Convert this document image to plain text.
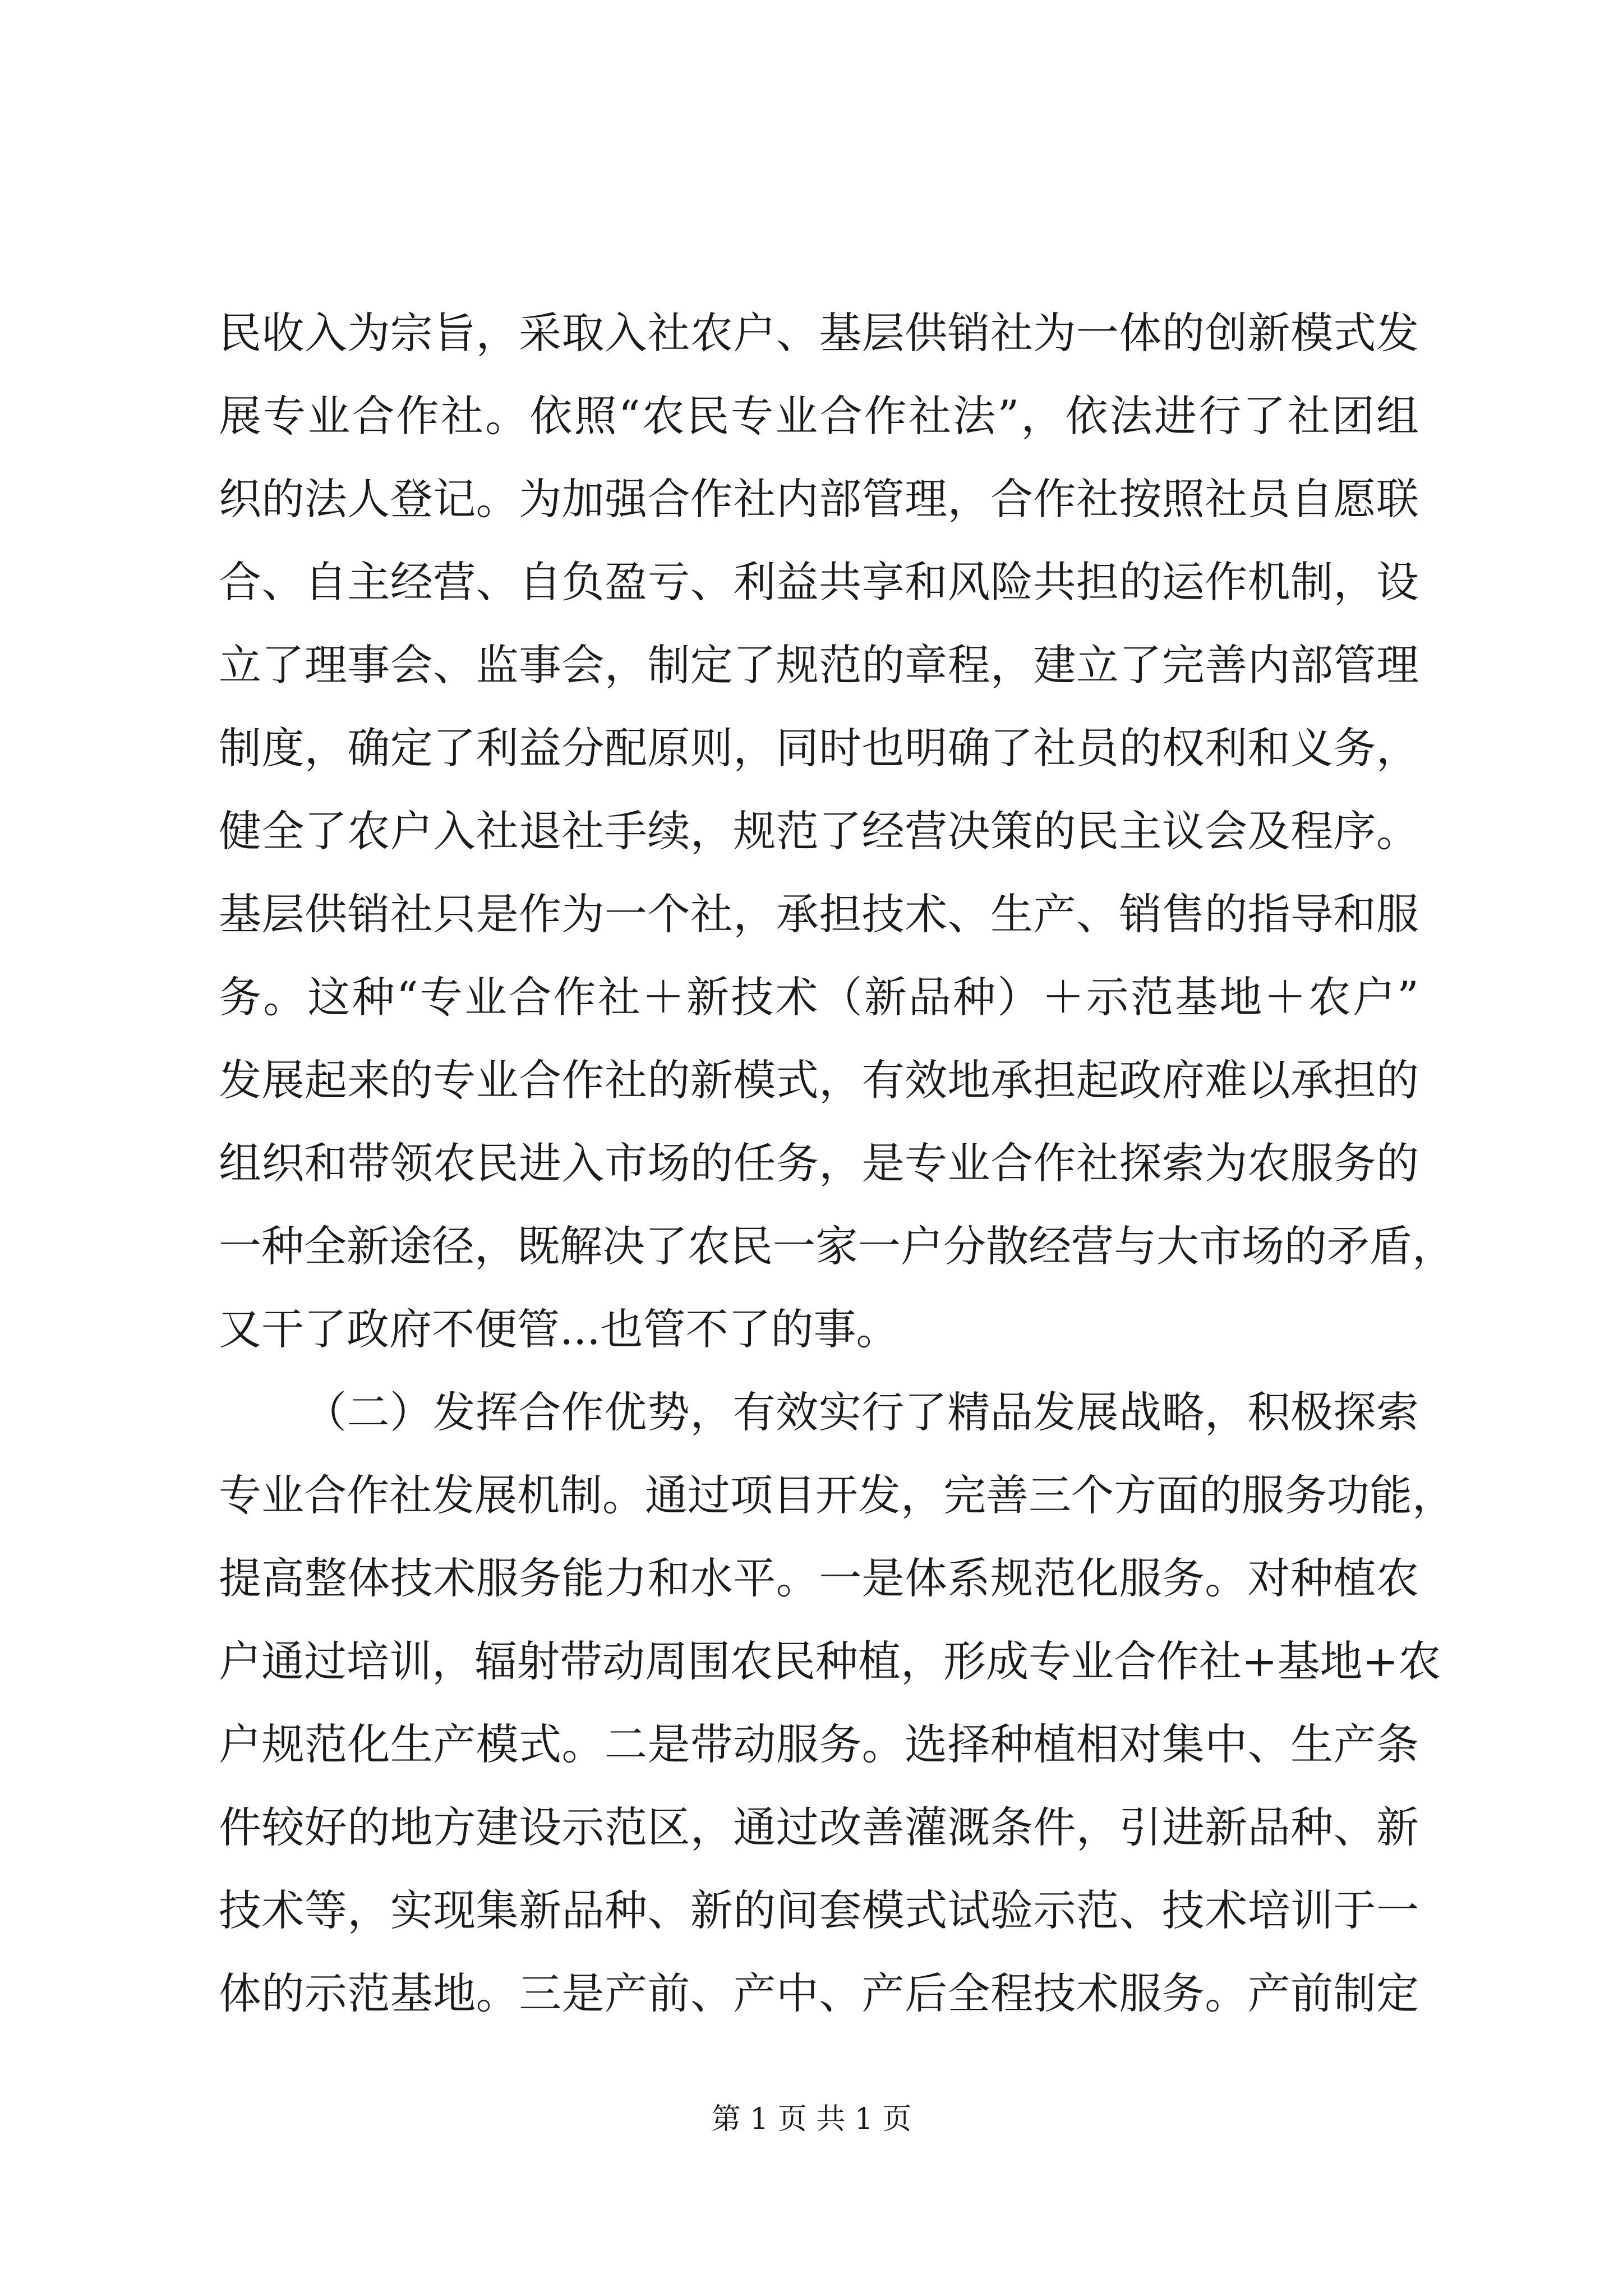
民收入为宗旨，采取入社农户、基层供销社为一体的创新模式发
展专业合作社。依照“农民专业合作社法”，依法进行了社团组
织的法人登记。为加强合作社内部管理，合作社按照社员自愿联
合、自主经营、自负盈亏、利益共享和风险共担的运作机制，设
立了理事会、监事会，制定了规范的章程，建立了完善内部管理
制度，确定了利益分配原则，同时也明确了社员的权利和义务，
健全了农户入社退社手续，规范了经营决策的民主议会及程序。
基层供销社只是作为一个社，承担技术、生产、销售的指导和服
务。这种“专业合作社＋新技术（新品种）＋示范基地＋农户”
发展起来的专业合作社的新模式，有效地承担起政府难以承担的
组织和带领农民进入市场的任务，是专业合作社探索为农服务的
一种全新途径，既解决了农民一家一户分散经营与大市场的矛盾，
又干了政府不便管...也管不了的事。
（二）发挥合作优势，有效实行了精品发展战略，积极探索
专业合作社发展机制。通过项目开发，完善三个方面的服务功能，
提高整体技术服务能力和水平。一是体系规范化服务。对种植农
户通过培训，辐射带动周围农民种植，形成专业合作社+基地+农
户规范化生产模式。二是带动服务。选择种植相对集中、生产条
件较好的地方建设示范区，通过改善灌溉条件，引进新品种、新
技术等，实现集新品种、新的间套模式试验示范、技术培训于一
体的示范基地。三是产前、产中、产后全程技术服务。产前制定
第 1 页 共 1 页
